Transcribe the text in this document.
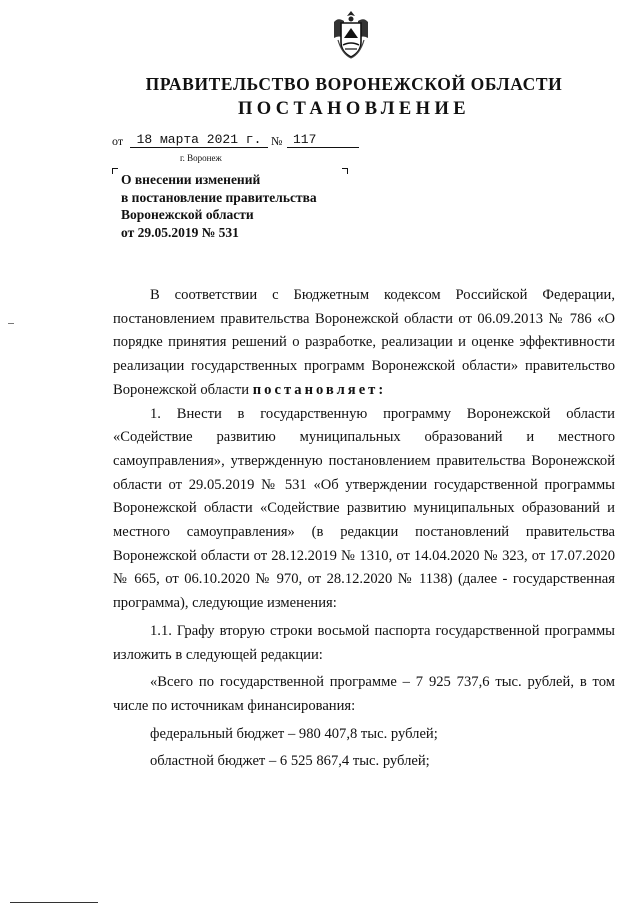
ПРАВИТЕЛЬСТВО ВОРОНЕЖСКОЙ ОБЛАСТИ
ПОСТАНОВЛЕНИЕ
от	18 марта 2021 г. № 117
г. Воронеж
О внесении изменений
в постановление правительства
Воронежской области
от 29.05.2019 № 531

В соответствии с Бюджетным кодексом Российской Федерации, постановлением правительства Воронежской области от 06.09.2013 № 786 «О порядке принятия решений о разработке, реализации и оценке эффективности реализации государственных программ Воронежской области» правительство Воронежской области постановляет:

1. Внести в государственную программу Воронежской области «Содействие развитию муниципальных образований и местного самоуправления», утвержденную постановлением правительства Воронежской области от 29.05.2019 № 531 «Об утверждении государственной программы Воронежской области «Содействие развитию муниципальных образований и местного самоуправления» (в редакции постановлений правительства Воронежской области от 28.12.2019 № 1310, от 14.04.2020 № 323, от 17.07.2020 № 665, от 06.10.2020 № 970, от 28.12.2020 № 1138) (далее - государственная программа), следующие изменения:

1.1. Графу вторую строки восьмой паспорта государственной программы изложить в следующей редакции:

«Всего по государственной программе – 7 925 737,6 тыс. рублей, в том числе по источникам финансирования:

федеральный бюджет – 980 407,8 тыс. рублей;

областной бюджет – 6 525 867,4 тыс. рублей;
